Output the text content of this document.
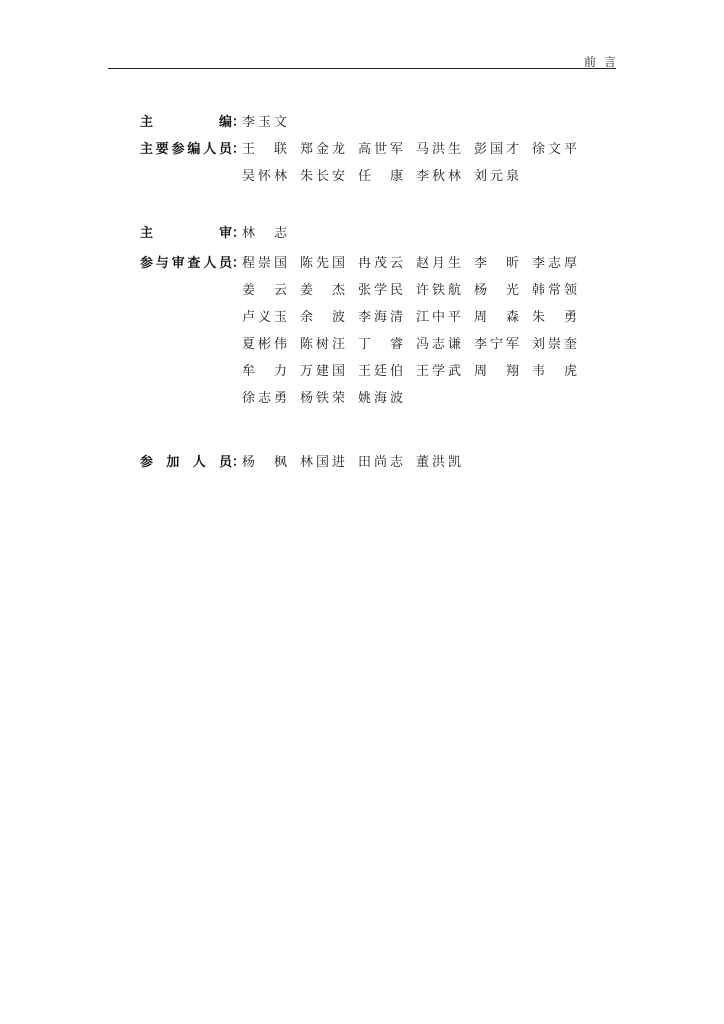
前言
主	编 ：
李玉文
主 要 参 编 人 员 ：
王　联 郑金龙 高世军 马洪生 彭国才 徐文平
吴怀林 朱长安 任　康 李秋林 刘元泉
主	审 ：
林　志
参 与 审 查 人 员 ：
程崇国 陈先国 冉茂云 赵月生 李　昕 李志厚
姜　云 姜　杰 张学民 许铁航 杨　光 韩常领
卢义玉 余　波 李海清 江中平 周　森 朱　勇
夏彬伟 陈树汪 丁　睿 冯志谦 李宁军 刘崇奎
牟　力 万建国 王廷伯 王学武 周　翔 韦　虎
徐志勇 杨铁荣 姚海波
参 加 人 员 ：
杨　枫 林国进 田尚志 董洪凯
